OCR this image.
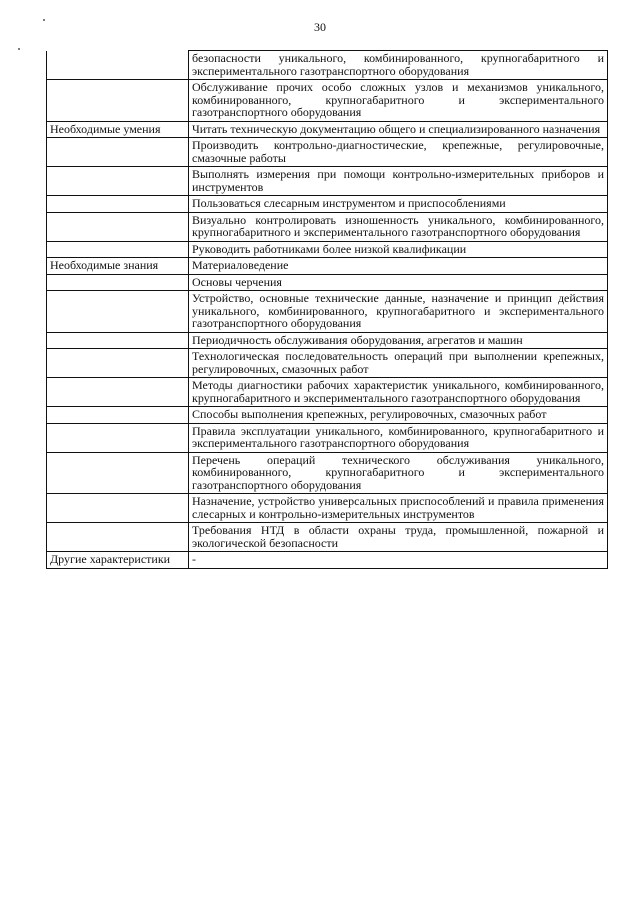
30
	безопасности уникального, комбинированного, крупногабаритного и экспериментального газотранспортного оборудования
	Обслуживание прочих особо сложных узлов и механизмов уникального, комбинированного, крупногабаритного и экспериментального газотранспортного оборудования
Необходимые умения	Читать техническую документацию общего и специализированного назначения
	Производить контрольно-диагностические, крепежные, регулировочные, смазочные работы
	Выполнять измерения при помощи контрольно-измерительных приборов и инструментов
	Пользоваться слесарным инструментом и приспособлениями
	Визуально контролировать изношенность уникального, комбинированного, крупногабаритного и экспериментального газотранспортного оборудования
	Руководить работниками более низкой квалификации
Необходимые знания	Материаловедение
	Основы черчения
	Устройство, основные технические данные, назначение и принцип действия уникального, комбинированного, крупногабаритного и экспериментального газотранспортного оборудования
	Периодичность обслуживания оборудования, агрегатов и машин
	Технологическая последовательность операций при выполнении крепежных, регулировочных, смазочных работ
	Методы диагностики рабочих характеристик уникального, комбинированного, крупногабаритного и экспериментального газотранспортного оборудования
	Способы выполнения крепежных, регулировочных, смазочных работ
	Правила эксплуатации уникального, комбинированного, крупногабаритного и экспериментального газотранспортного оборудования
	Перечень операций технического обслуживания уникального, комбинированного, крупногабаритного и экспериментального газотранспортного оборудования
	Назначение, устройство универсальных приспособлений и правила применения слесарных и контрольно-измерительных инструментов
	Требования НТД в области охраны труда, промышленной, пожарной и экологической безопасности
Другие характеристики	-
